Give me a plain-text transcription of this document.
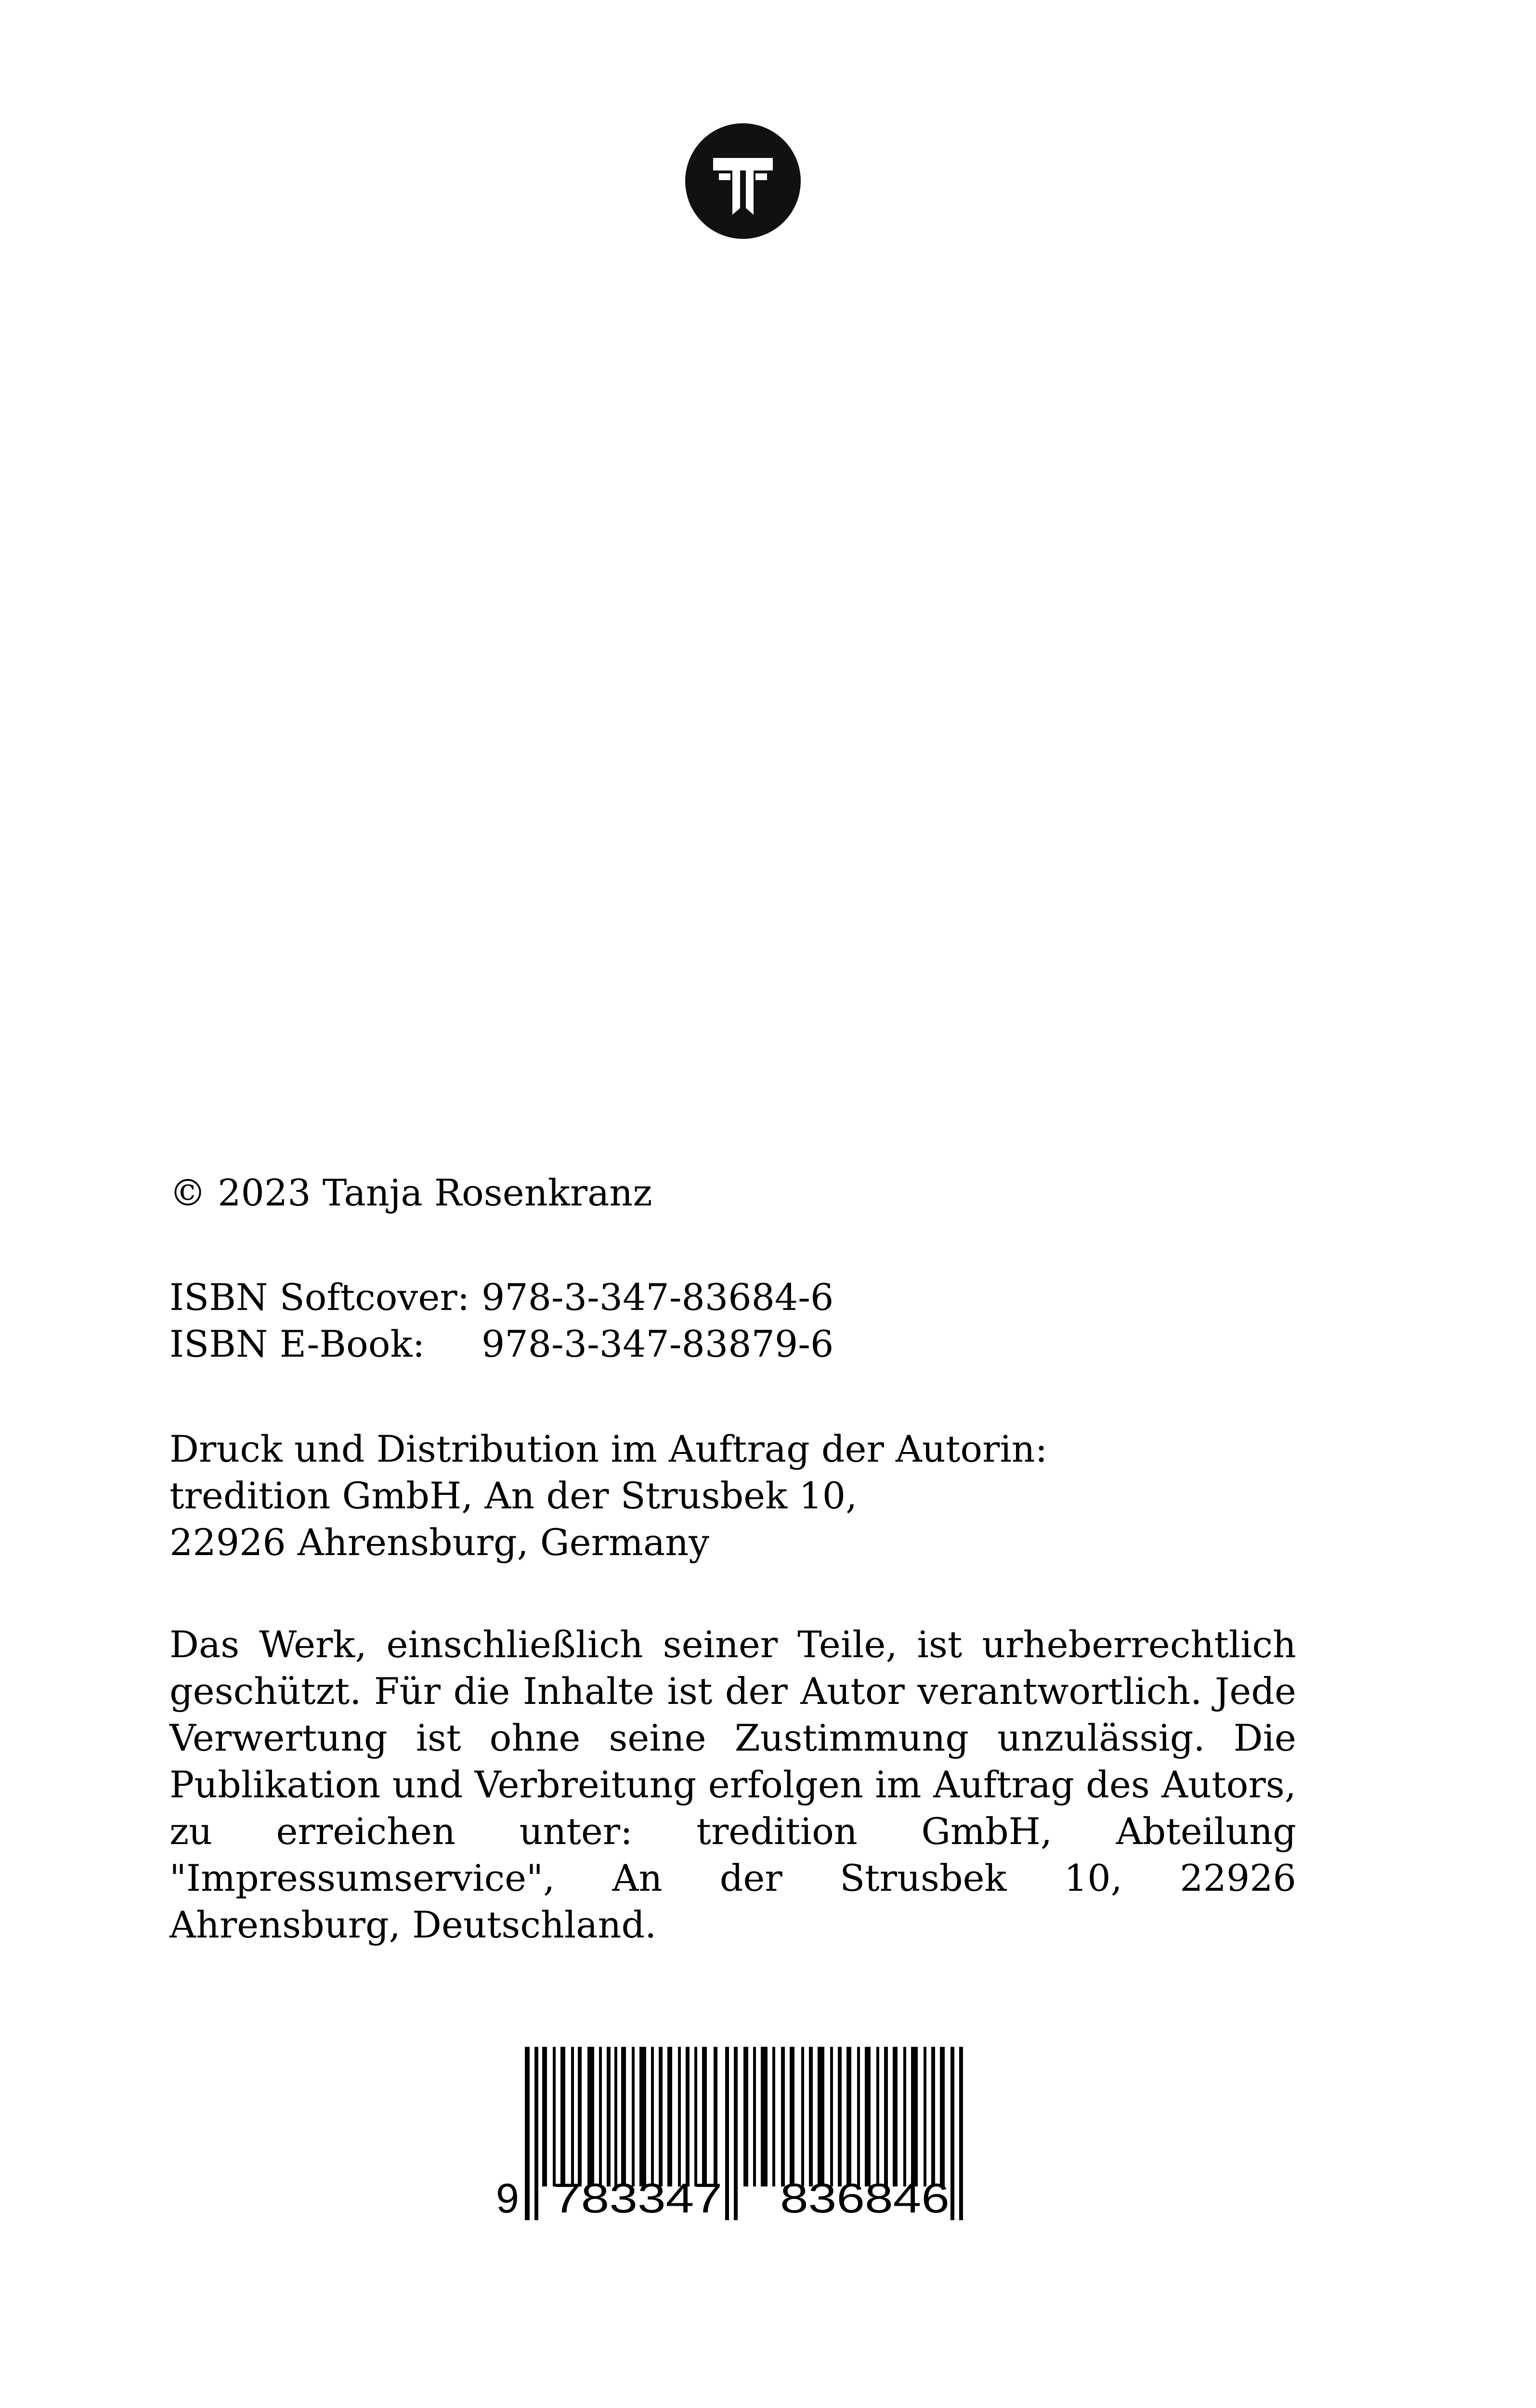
© 2023 Tanja Rosenkranz

ISBN Softcover: 978-3-347-83684-6
ISBN E-Book:	978-3-347-83879-6
Druck und Distribution im Auftrag der Autorin:
tredition GmbH, An der Strusbek 10,
22926 Ahrensburg, Germany

Das Werk, einschließlich seiner Teile, ist urheberrechtlich geschützt. Für die Inhalte ist der Autor verantwortlich. Jede Verwertung ist ohne seine Zustimmung unzulässig. Die Publikation und Verbreitung erfolgen im Auftrag des Autors, zu erreichen unter: tredition GmbH, Abteilung "Impressumservice", An der Strusbek 10, 22926 Ahrensburg, Deutschland.

9 783347 836846
